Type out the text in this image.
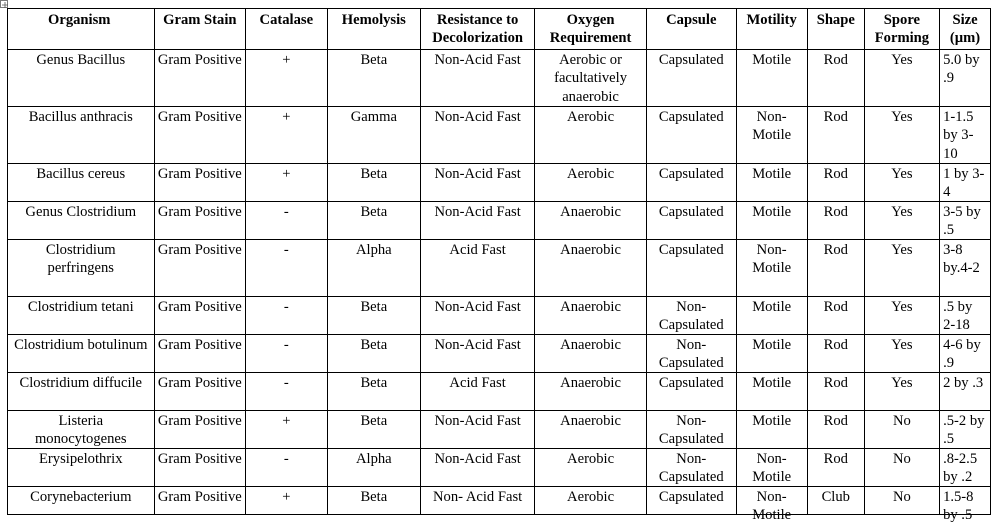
Organism	Gram Stain	Catalase	Hemolysis	Resistance to Decolorization	Oxygen Requirement	Capsule	Motility	Shape	Spore Forming	Size (µm)

Genus Bacillus	Gram Positive	+	Beta	Non-Acid Fast	Aerobic or facultatively anaerobic	Capsulated	Motile	Rod	Yes	5.0 by .9

Bacillus anthracis	Gram Positive	+	Gamma	Non-Acid Fast	Aerobic	Capsulated	Non-Motile	Rod	Yes	1-1.5 by 3-10

Bacillus cereus	Gram Positive	+	Beta	Non-Acid Fast	Aerobic	Capsulated	Motile	Rod	Yes	1 by 3-4

Genus Clostridium	Gram Positive	-	Beta	Non-Acid Fast	Anaerobic	Capsulated	Motile	Rod	Yes	3-5 by .5

Clostridium perfringens	Gram Positive	-	Alpha	Acid Fast	Anaerobic	Capsulated	Non-Motile	Rod	Yes	3-8 by.4-2

Clostridium tetani	Gram Positive	-	Beta	Non-Acid Fast	Anaerobic	Non-Capsulated	Motile	Rod	Yes	.5 by 2-18

Clostridium botulinum	Gram Positive	-	Beta	Non-Acid Fast	Anaerobic	Non-Capsulated	Motile	Rod	Yes	4-6 by .9

Clostridium diffucile	Gram Positive	-	Beta	Acid Fast	Anaerobic	Capsulated	Motile	Rod	Yes	2 by .3

Listeria monocytogenes	Gram Positive	+	Beta	Non-Acid Fast	Anaerobic	Non-Capsulated	Motile	Rod	No	.5-2 by .5

Erysipelothrix	Gram Positive	-	Alpha	Non-Acid Fast	Aerobic	Non-Capsulated	Non-Motile	Rod	No	.8-2.5 by .2

Corynebacterium	Gram Positive	+	Beta	Non- Acid Fast	Aerobic	Capsulated	Non-Motile	Club	No	1.5-8 by .5
